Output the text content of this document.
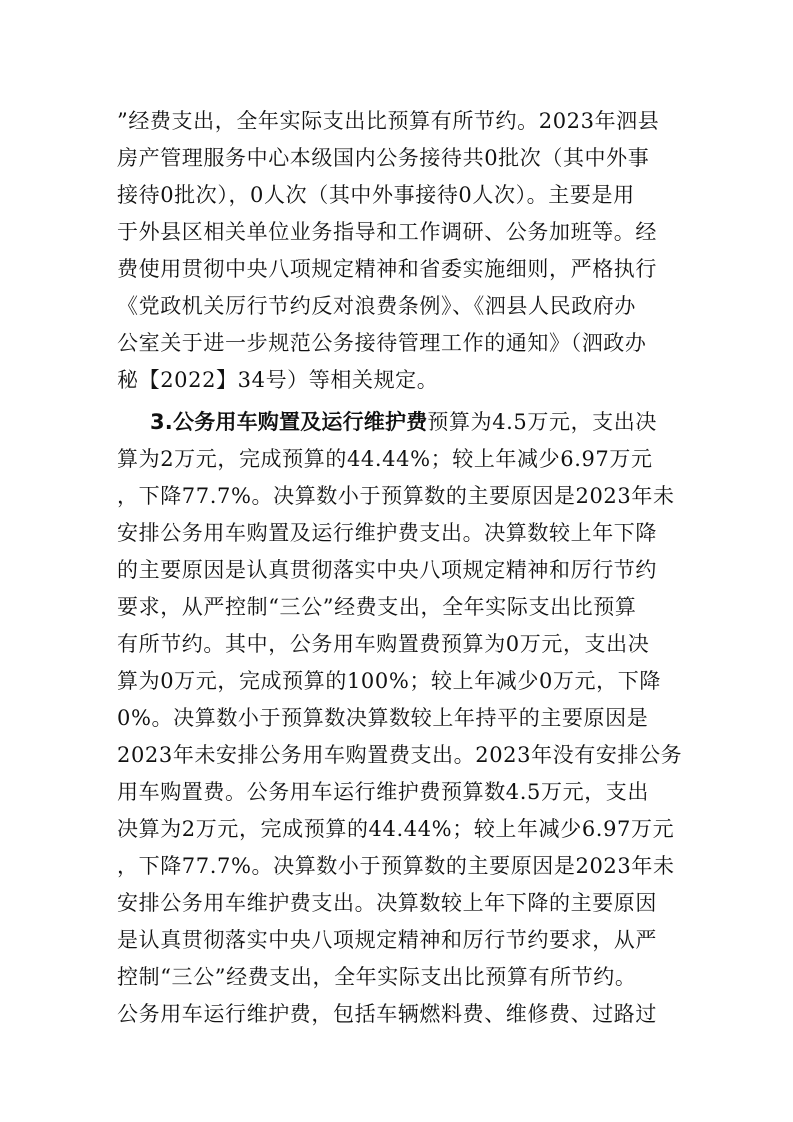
”经费支出，全年实际支出比预算有所节约。2023年泗县
房产管理服务中心本级国内公务接待共0批次（其中外事
接待0批次），0人次（其中外事接待0人次）。主要是用
于外县区相关单位业务指导和工作调研、公务加班等。经
费使用贯彻中央八项规定精神和省委实施细则，严格执行
《党政机关厉行节约反对浪费条例》、《泗县人民政府办
公室关于进一步规范公务接待管理工作的通知》（泗政办
秘【2022】34号）等相关规定。
3.公务用车购置及运行维护费预算为4.5万元，支出决
算为2万元，完成预算的44.44%；较上年减少6.97万元
，下降77.7%。决算数小于预算数的主要原因是2023年未
安排公务用车购置及运行维护费支出。决算数较上年下降
的主要原因是认真贯彻落实中央八项规定精神和厉行节约
要求，从严控制“三公”经费支出，全年实际支出比预算
有所节约。其中，公务用车购置费预算为0万元，支出决
算为0万元，完成预算的100%；较上年减少0万元，下降
0%。决算数小于预算数决算数较上年持平的主要原因是
2023年未安排公务用车购置费支出。2023年没有安排公务
用车购置费。公务用车运行维护费预算数4.5万元，支出
决算为2万元，完成预算的44.44%；较上年减少6.97万元
，下降77.7%。决算数小于预算数的主要原因是2023年未
安排公务用车维护费支出。决算数较上年下降的主要原因
是认真贯彻落实中央八项规定精神和厉行节约要求，从严
控制“三公”经费支出，全年实际支出比预算有所节约。
公务用车运行维护费，包括车辆燃料费、维修费、过路过
